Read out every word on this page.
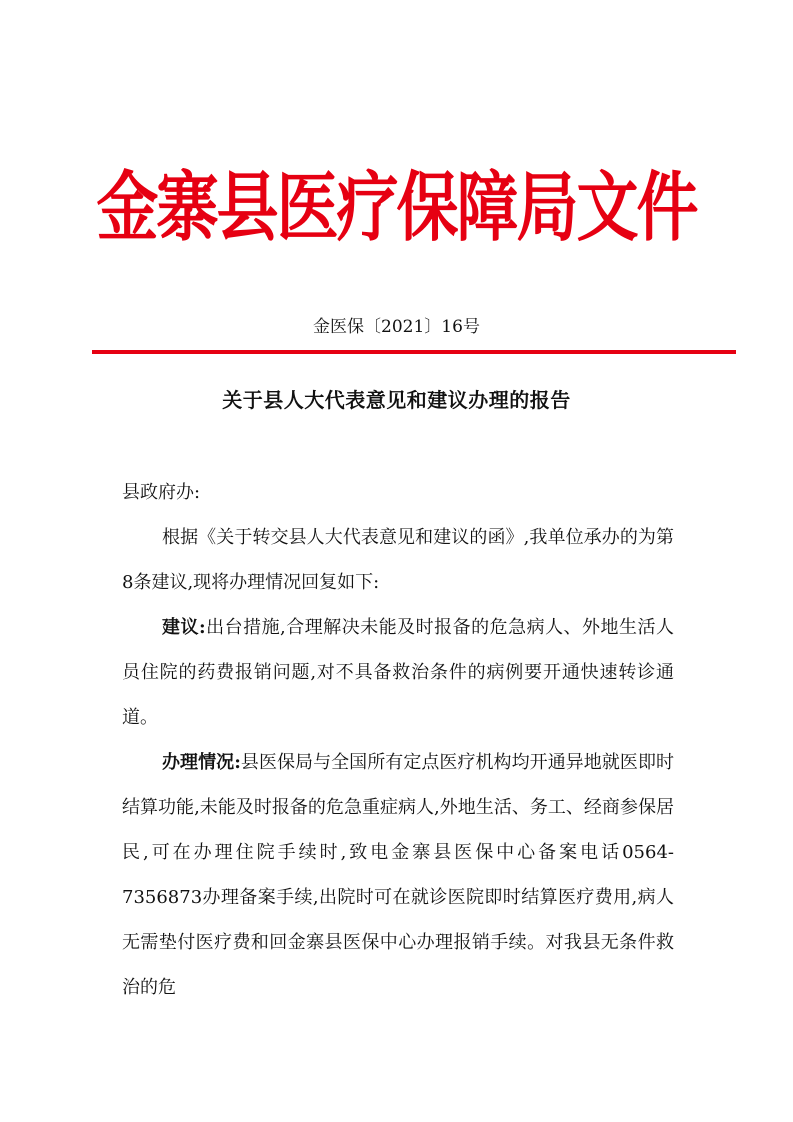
金寨县医疗保障局文件
金医保〔2021〕16号
关于县人大代表意见和建议办理的报告
县政府办:
根据《关于转交县人大代表意见和建议的函》,我单位承办的为第8条建议,现将办理情况回复如下:
建议:出台措施,合理解决未能及时报备的危急病人、外地生活人员住院的药费报销问题,对不具备救治条件的病例要开通快速转诊通道。
办理情况:县医保局与全国所有定点医疗机构均开通异地就医即时结算功能,未能及时报备的危急重症病人,外地生活、务工、经商参保居民,可在办理住院手续时,致电金寨县医保中心备案电话0564-7356873办理备案手续,出院时可在就诊医院即时结算医疗费用,病人无需垫付医疗费和回金寨县医保中心办理报销手续。对我县无条件救治的危
